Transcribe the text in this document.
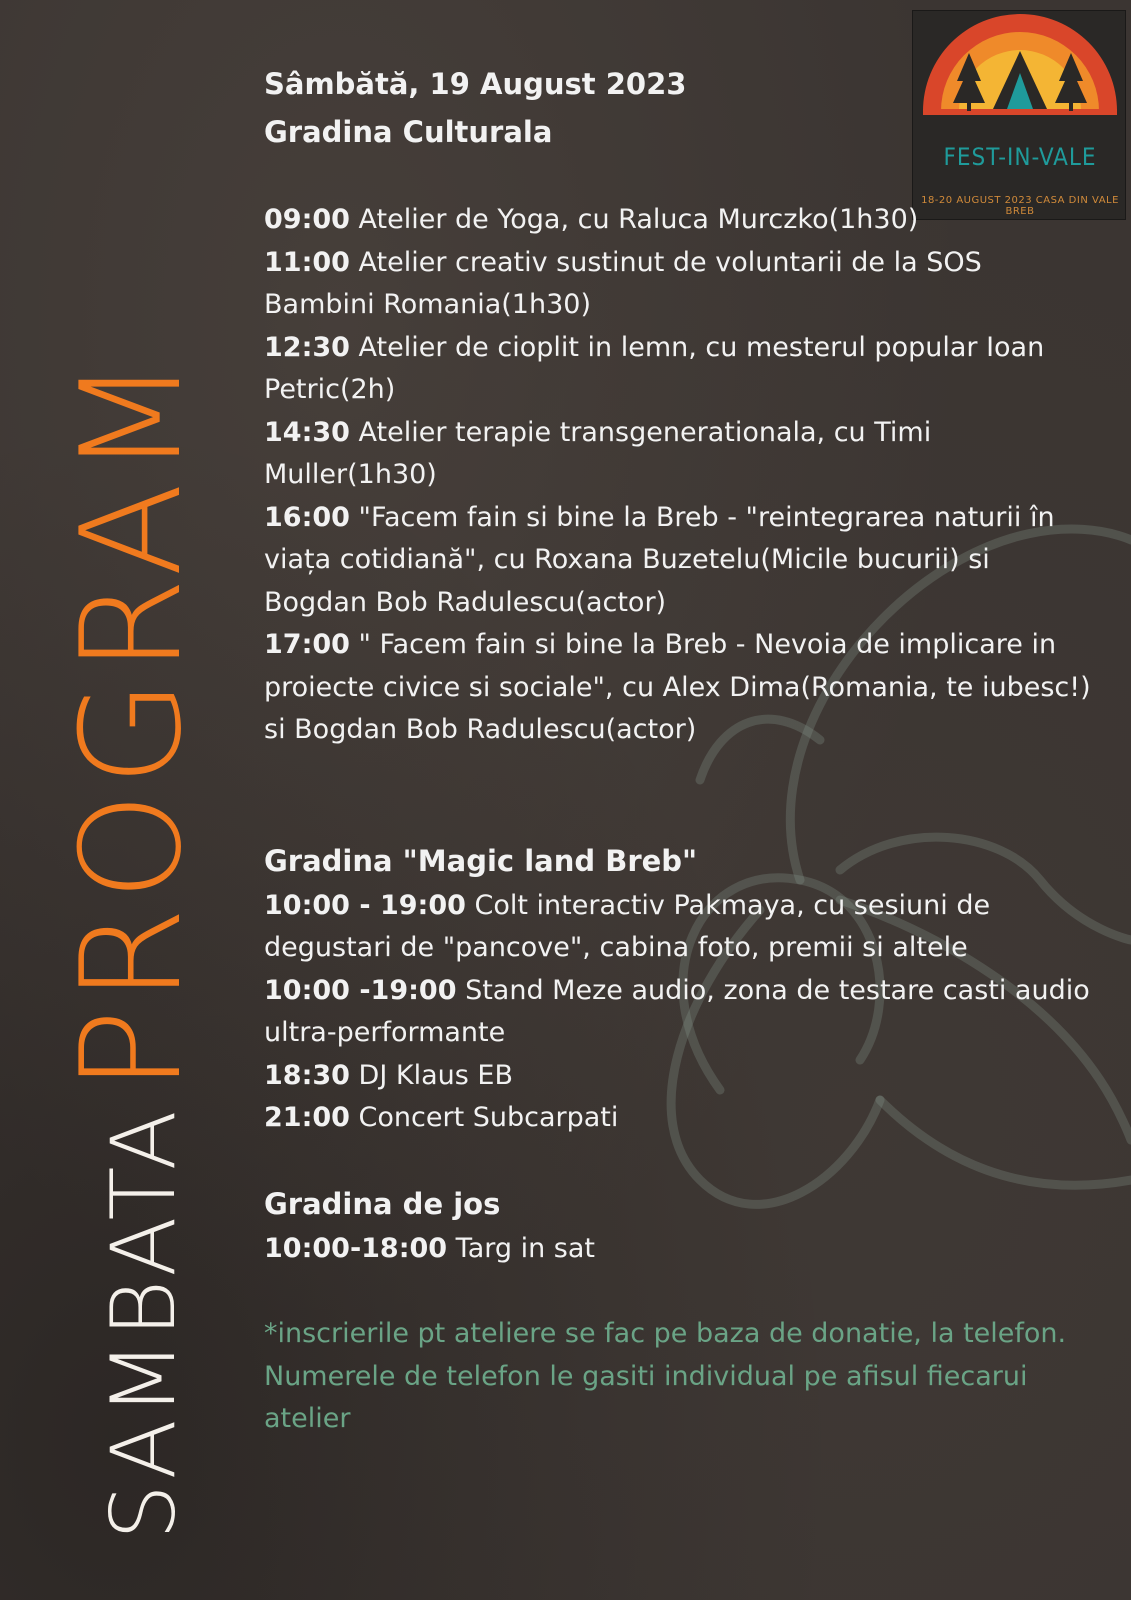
PROGRAM
SAMBATA
FEST-IN-VALE
18-20 AUGUST 2023 CASA DIN VALE BREB
Sâmbătă, 19 August 2023
Gradina Culturala

09:00 Atelier de Yoga, cu Raluca Murczko(1h30)

11:00 Atelier creativ sustinut de voluntarii de la SOS Bambini Romania(1h30)

12:30 Atelier de cioplit in lemn, cu mesterul popular Ioan Petric(2h)

14:30 Atelier terapie transgenerationala, cu Timi Muller(1h30)

16:00 "Facem fain si bine la Breb - "reintegrarea naturii în viața cotidiană", cu Roxana Buzetelu(Micile bucurii) si Bogdan Bob Radulescu(actor)

17:00 " Facem fain si bine la Breb - Nevoia de implicare in proiecte civice si sociale", cu Alex Dima(Romania, te iubesc!) si Bogdan Bob Radulescu(actor)

Gradina "Magic land Breb"

10:00 - 19:00 Colt interactiv Pakmaya, cu sesiuni de degustari de "pancove", cabina foto, premii si altele

10:00 -19:00 Stand Meze audio, zona de testare casti audio ultra-performante

18:30 DJ Klaus EB

21:00 Concert Subcarpati

Gradina de jos

10:00-18:00 Targ in sat

*inscrierile pt ateliere se fac pe baza de donatie, la telefon. Numerele de telefon le gasiti individual pe afisul fiecarui atelier
